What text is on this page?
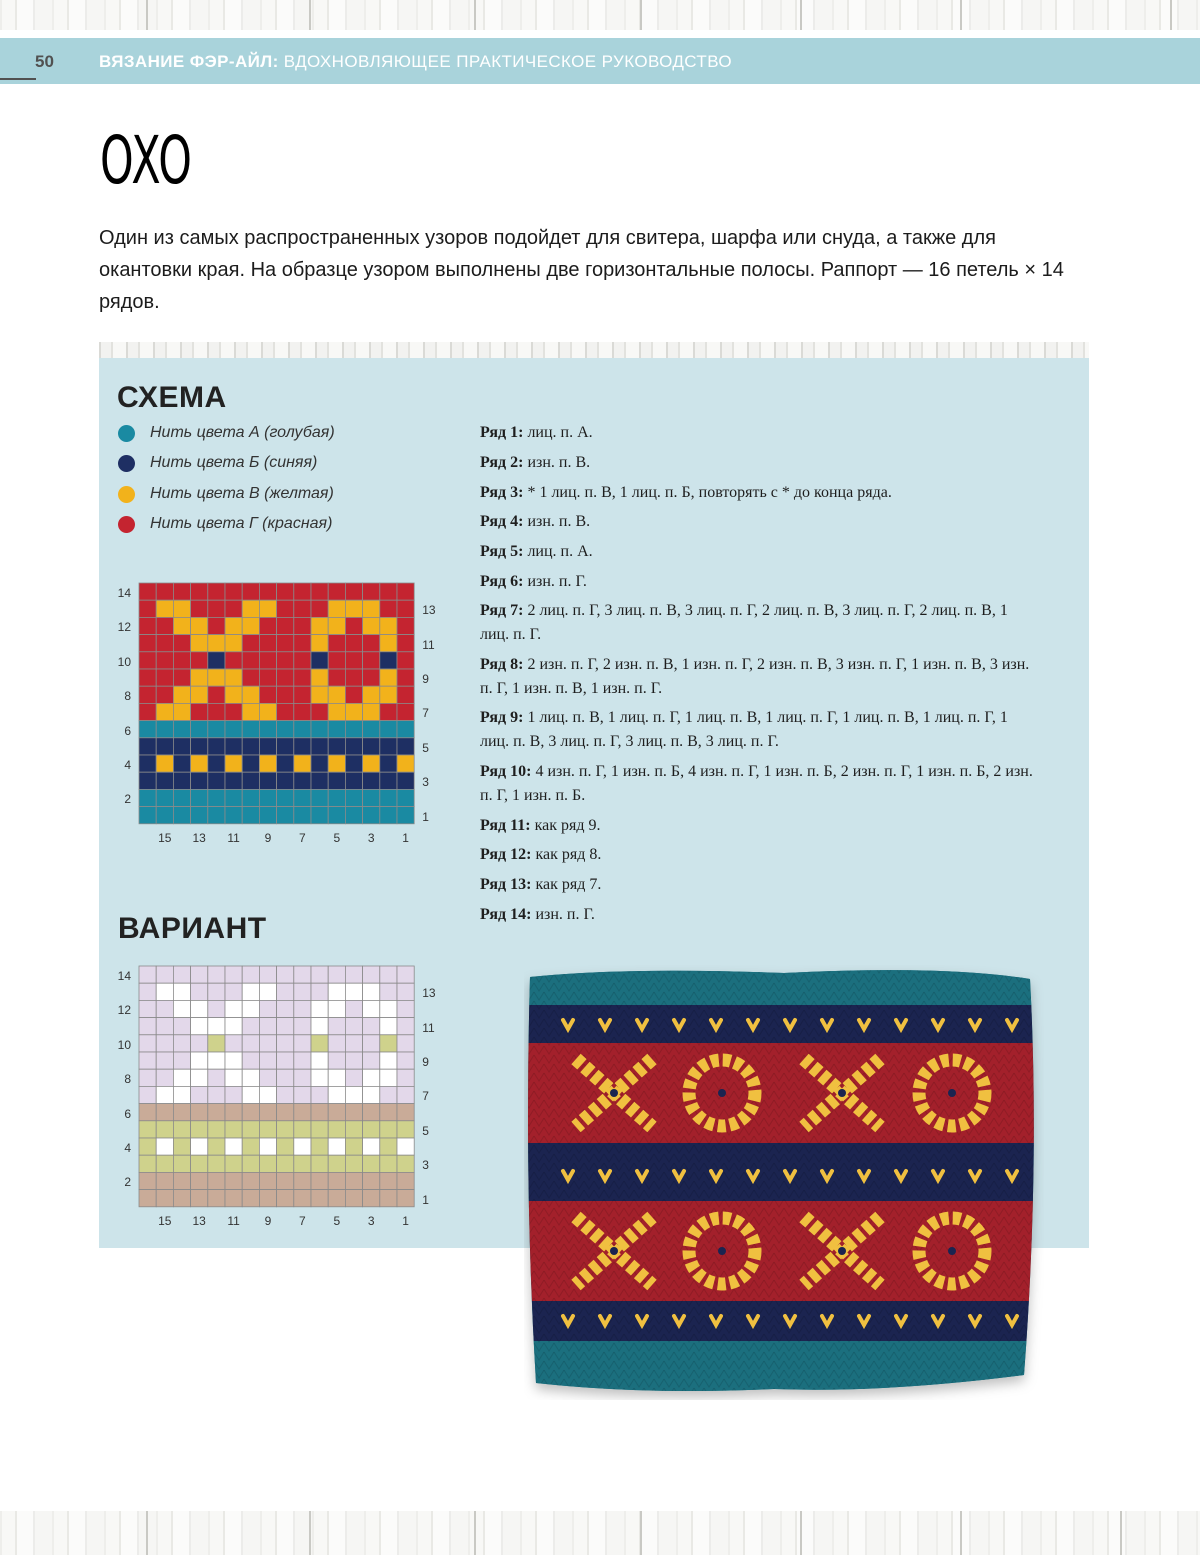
50	ВЯЗАНИЕ ФЭР-АЙЛ: ВДОХНОВЛЯЮЩЕЕ ПРАКТИЧЕСКОЕ РУКОВОДСТВО
OXO
Один из самых распространенных узоров подойдет для свитера, шарфа или снуда, а также для окантовки края. На образце узором выполнены две горизонтальные полосы. Раппорт — 16 петель × 14 рядов.
СХЕМА
Нить цвета А (голубая)
Нить цвета Б (синяя)
Нить цвета В (желтая)
Нить цвета Г (красная)
14
12
10
8
6
4
2
13
11
9
7
5
3
1
15	13	11	9	7	5	3	1
ВАРИАНТ
14
12
10
8
6
4
2
13
11
9
7
5
3
1
15	13	11	9	7	5	3	1
Ряд 1: лиц. п. А.
Ряд 2: изн. п. В.
Ряд 3: * 1 лиц. п. В, 1 лиц. п. Б, повторять с * до конца ряда.
Ряд 4: изн. п. В.
Ряд 5: лиц. п. А.
Ряд 6: изн. п. Г.
Ряд 7: 2 лиц. п. Г, 3 лиц. п. В, 3 лиц. п. Г, 2 лиц. п. В, 3 лиц. п. Г, 2 лиц. п. В, 1 лиц. п. Г.
Ряд 8: 2 изн. п. Г, 2 изн. п. В, 1 изн. п. Г, 2 изн. п. В, 3 изн. п. Г, 1 изн. п. В, 3 изн. п. Г, 1 изн. п. В, 1 изн. п. Г.
Ряд 9: 1 лиц. п. В, 1 лиц. п. Г, 1 лиц. п. В, 1 лиц. п. Г, 1 лиц. п. В, 1 лиц. п. Г, 1 лиц. п. В, 3 лиц. п. Г, 3 лиц. п. В, 3 лиц. п. Г.
Ряд 10: 4 изн. п. Г, 1 изн. п. Б, 4 изн. п. Г, 1 изн. п. Б, 2 изн. п. Г, 1 изн. п. Б, 2 изн. п. Г, 1 изн. п. Б.
Ряд 11: как ряд 9.
Ряд 12: как ряд 8.
Ряд 13: как ряд 7.
Ряд 14: изн. п. Г.
